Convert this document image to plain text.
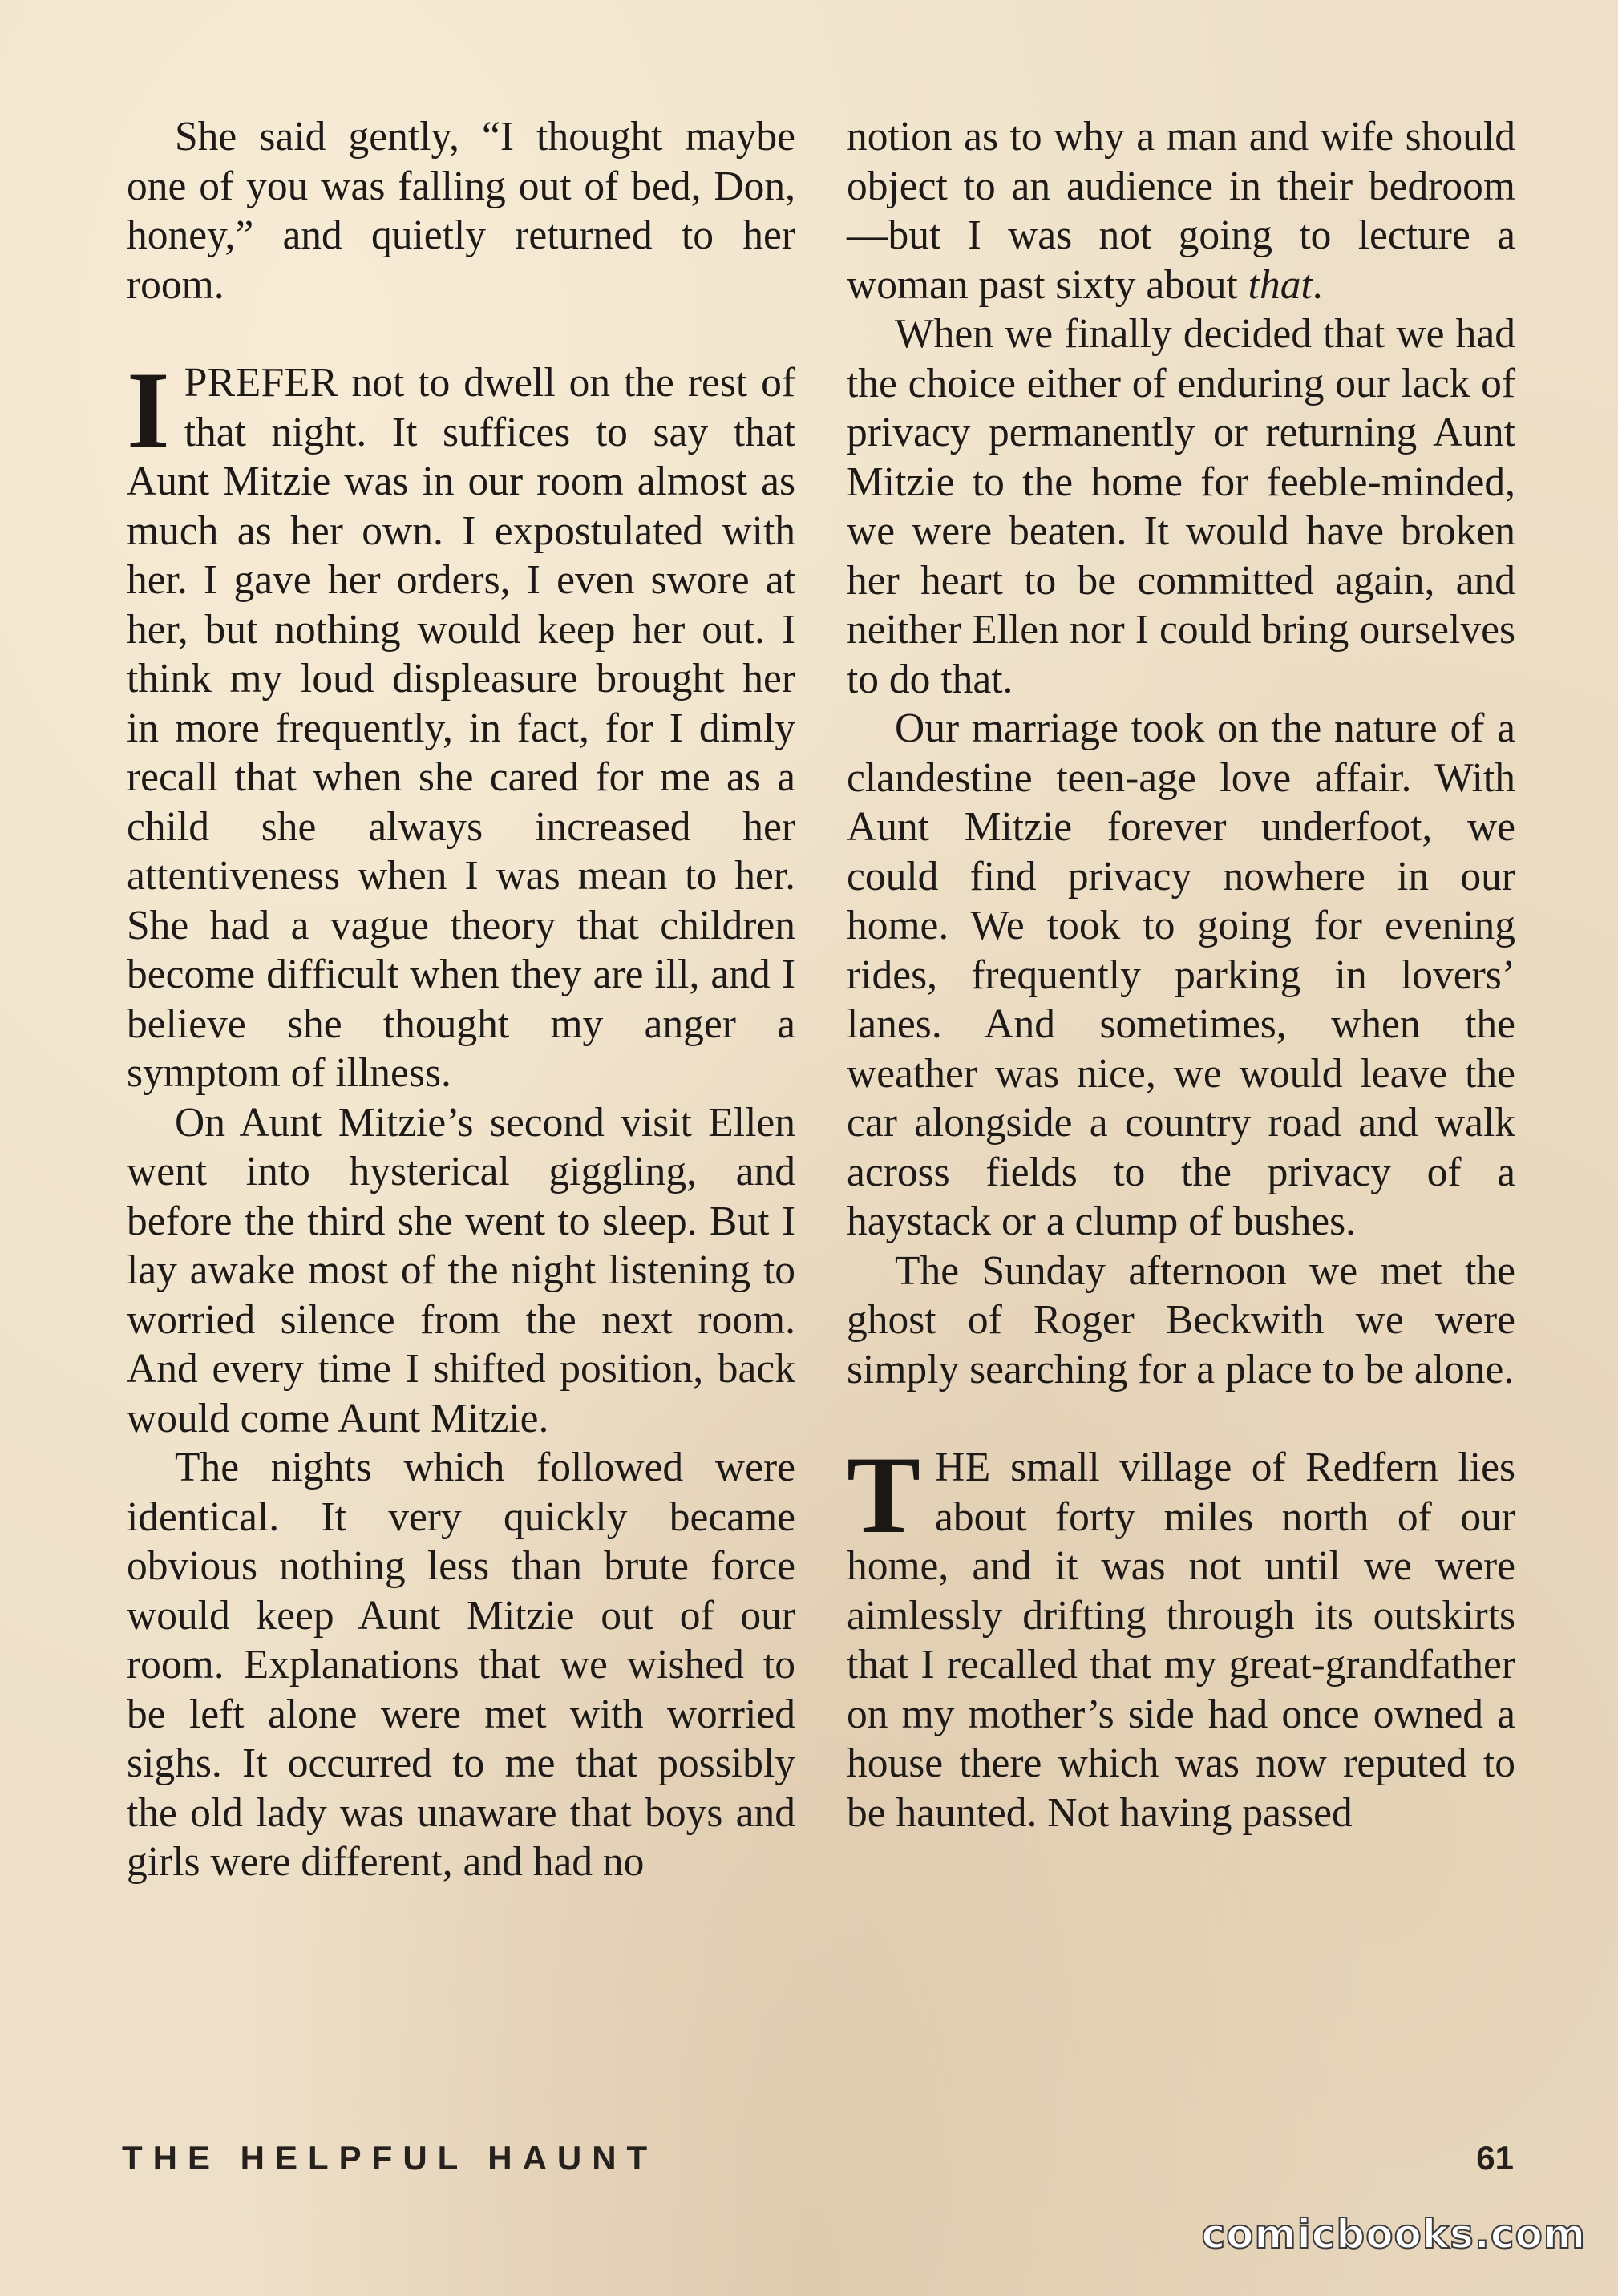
She said gently, “I thought maybe one of you was falling out of bed, Don, honey,” and quietly returned to her room.

IPREFER not to dwell on the rest of that night. It suffices to say that Aunt Mitzie was in our room almost as much as her own. I expostulated with her. I gave her orders, I even swore at her, but nothing would keep her out. I think my loud displeasure brought her in more frequently, in fact, for I dimly recall that when she cared for me as a child she always increased her attentiveness when I was mean to her. She had a vague theory that children become difficult when they are ill, and I believe she thought my anger a symptom of illness.

On Aunt Mitzie’s second visit Ellen went into hysterical giggling, and before the third she went to sleep. But I lay awake most of the night listening to worried silence from the next room. And every time I shifted position, back would come Aunt Mitzie.

The nights which followed were identical. It very quickly became obvious nothing less than brute force would keep Aunt Mitzie out of our room. Explanations that we wished to be left alone were met with worried sighs. It occurred to me that possibly the old lady was unaware that boys and girls were different, and had no

notion as to why a man and wife should object to an audience in their bedroom—but I was not going to lecture a woman past sixty about that.

When we finally decided that we had the choice either of enduring our lack of privacy permanently or returning Aunt Mitzie to the home for feeble-minded, we were beaten. It would have broken her heart to be committed again, and neither Ellen nor I could bring ourselves to do that.

Our marriage took on the nature of a clandestine teen-age love affair. With Aunt Mitzie forever underfoot, we could find privacy nowhere in our home. We took to going for evening rides, frequently parking in lovers’ lanes. And sometimes, when the weather was nice, we would leave the car alongside a country road and walk across fields to the privacy of a haystack or a clump of bushes.

The Sunday afternoon we met the ghost of Roger Beckwith we were simply searching for a place to be alone.

THE small village of Redfern lies about forty miles north of our home, and it was not until we were aimlessly drifting through its outskirts that I recalled that my great-grandfather on my mother’s side had once owned a house there which was now reputed to be haunted. Not having passed

THE HELPFUL HAUNT	61
comicbooks.com
